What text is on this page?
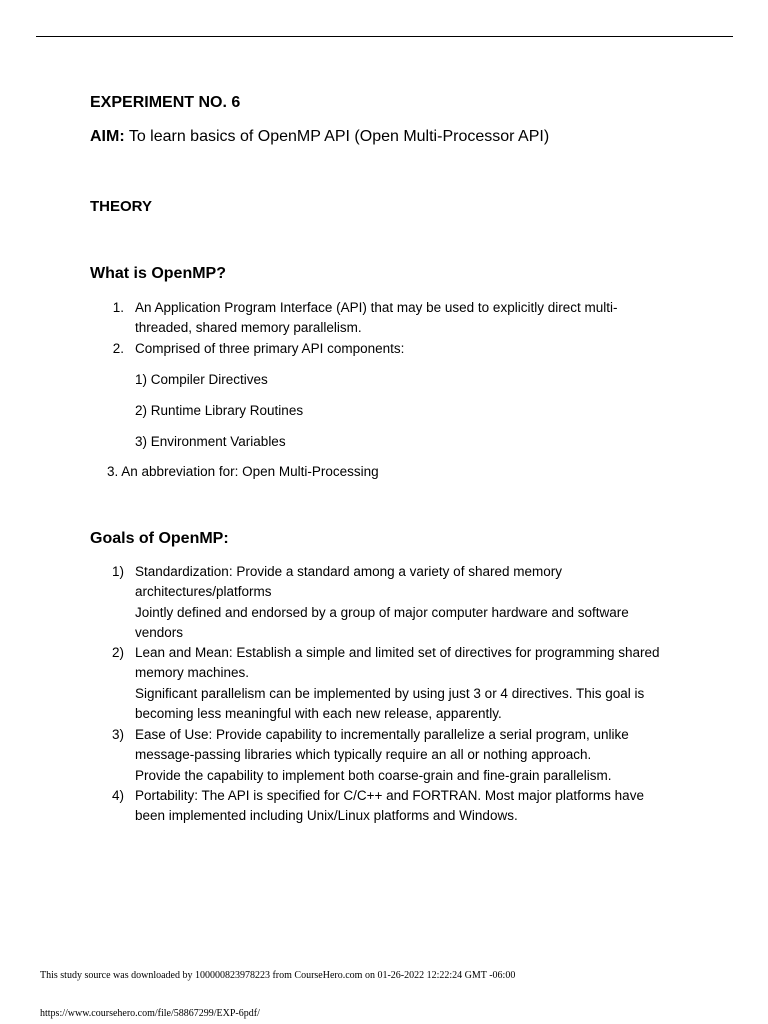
EXPERIMENT NO. 6
AIM: To learn basics of OpenMP API (Open Multi-Processor API)
THEORY
What is OpenMP?
1. An Application Program Interface (API) that may be used to explicitly direct multi-
threaded, shared memory parallelism.
2. Comprised of three primary API components:
1) Compiler Directives
2) Runtime Library Routines
3) Environment Variables
3. An abbreviation for: Open Multi-Processing
Goals of OpenMP:
1) Standardization: Provide a standard among a variety of shared memory
architectures/platforms
Jointly defined and endorsed by a group of major computer hardware and software
vendors
2) Lean and Mean: Establish a simple and limited set of directives for programming shared
memory machines.
Significant parallelism can be implemented by using just 3 or 4 directives. This goal is
becoming less meaningful with each new release, apparently.
3) Ease of Use: Provide capability to incrementally parallelize a serial program, unlike
message-passing libraries which typically require an all or nothing approach.
Provide the capability to implement both coarse-grain and fine-grain parallelism.
4) Portability: The API is specified for C/C++ and FORTRAN. Most major platforms have
been implemented including Unix/Linux platforms and Windows.
This study source was downloaded by 100000823978223 from CourseHero.com on 01-26-2022 12:22:24 GMT -06:00
https://www.coursehero.com/file/58867299/EXP-6pdf/
